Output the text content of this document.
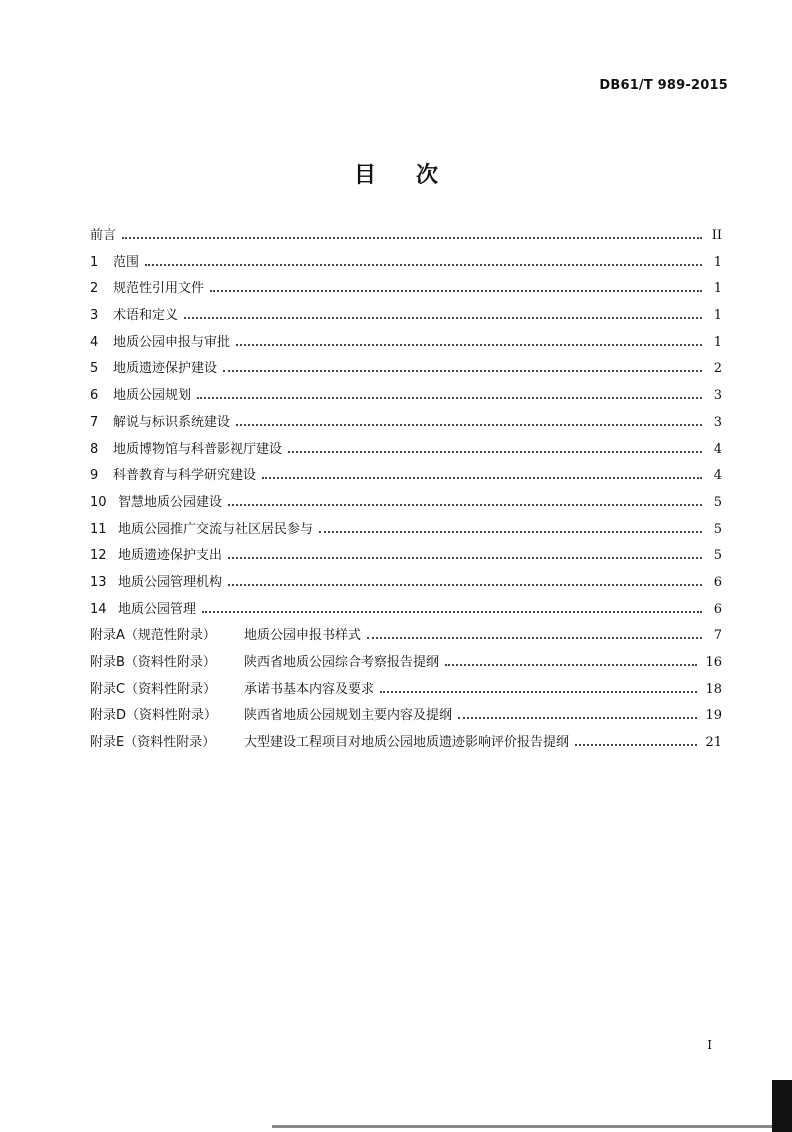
DB61/T 989-2015
目 次
前言	II
1	范围	1
2	规范性引用文件	1
3	术语和定义	1
4	地质公园申报与审批	1
5	地质遗迹保护建设	2
6	地质公园规划	3
7	解说与标识系统建设	3
8	地质博物馆与科普影视厅建设	4
9	科普教育与科学研究建设	4
10 智慧地质公园建设	5
11 地质公园推广交流与社区居民参与	5
12 地质遗迹保护支出	5
13 地质公园管理机构	6
14 地质公园管理	6
附录A（规范性附录）	地质公园申报书样式	7
附录B（资料性附录）	陕西省地质公园综合考察报告提纲	16
附录C（资料性附录）	承诺书基本内容及要求	18
附录D（资料性附录）	陕西省地质公园规划主要内容及提纲	19
附录E（资料性附录）	大型建设工程项目对地质公园地质遗迹影响评价报告提纲	21
I
